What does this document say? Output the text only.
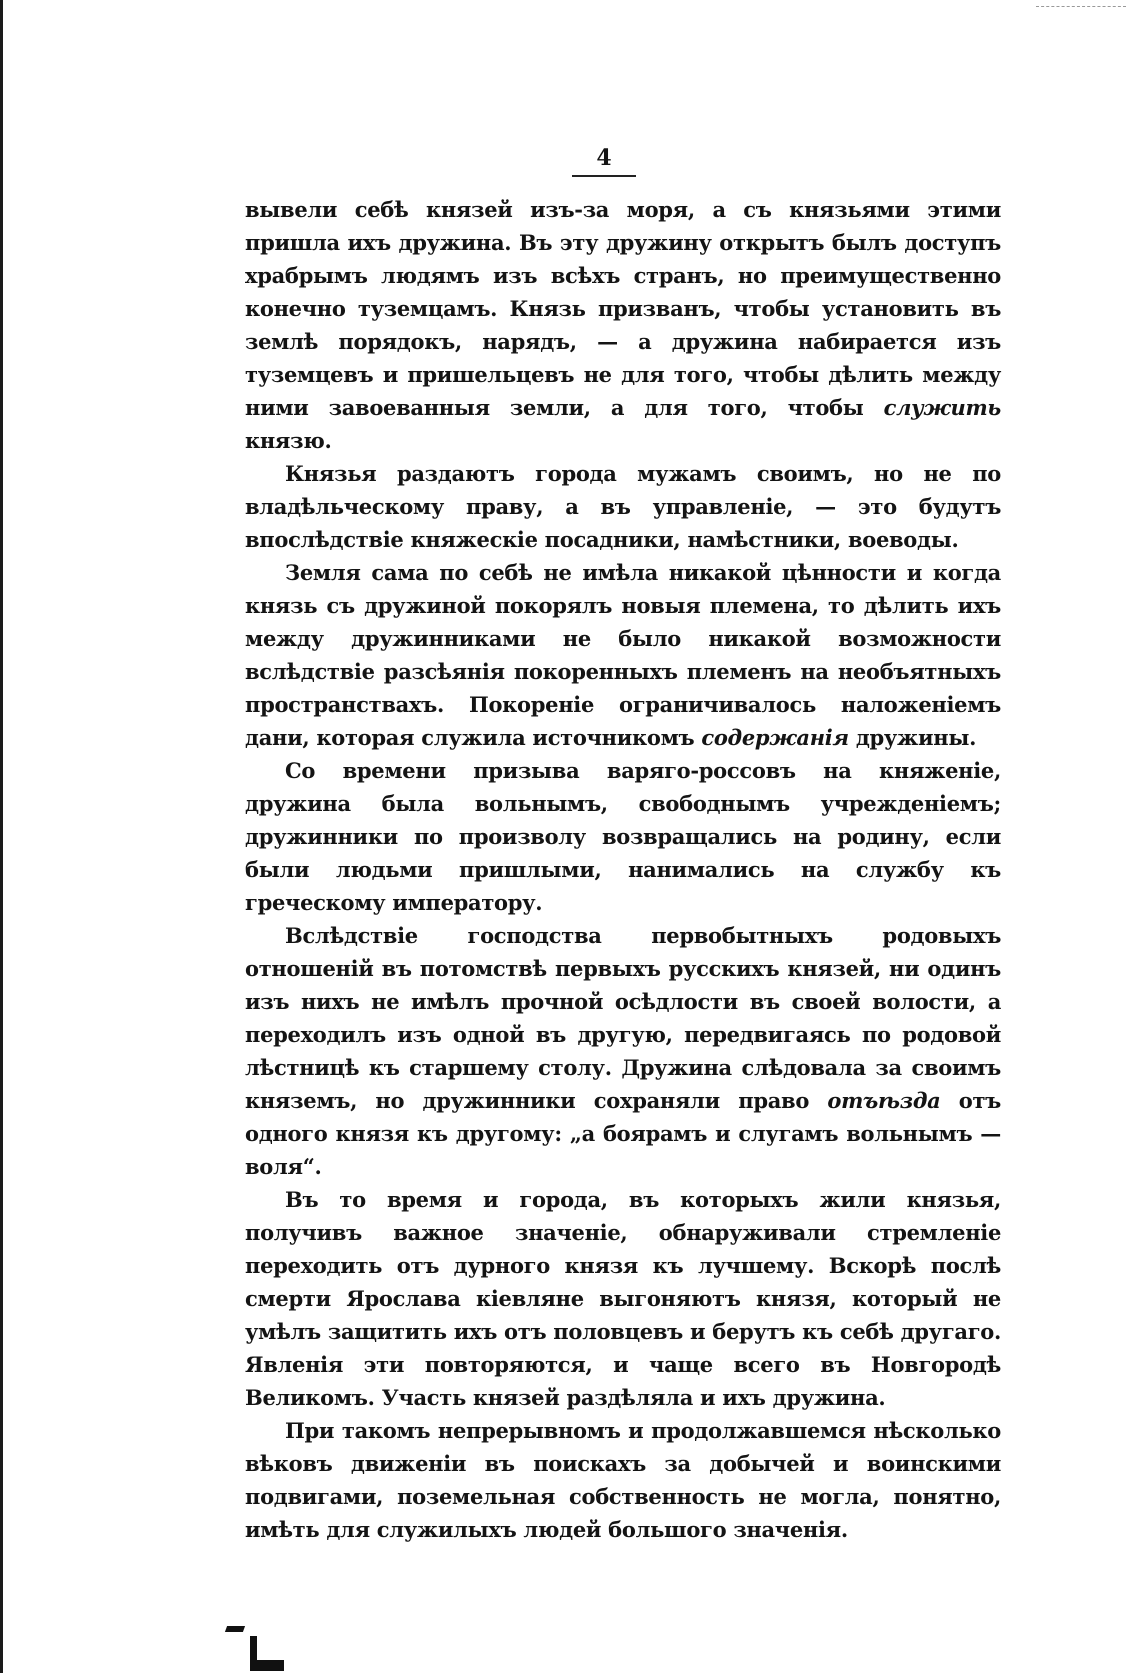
4

вывели себѣ князей изъ-за моря, а съ князьями этими пришла ихъ дружина. Въ эту дружину открытъ былъ доступъ храбрымъ людямъ изъ всѣхъ странъ, но преимущественно конечно туземцамъ. Князь призванъ, чтобы установить въ землѣ порядокъ, нарядъ, — а дружина набирается изъ туземцевъ и пришельцевъ не для того, чтобы дѣлить между ними завоеванныя земли, а для того, чтобы служить князю.

Князья раздаютъ города мужамъ своимъ, но не по владѣльческому праву, а въ управленіе, — это будутъ впослѣдствіе княжескіе посадники, намѣстники, воеводы.

Земля сама по себѣ не имѣла никакой цѣнности и когда князь съ дружиной покорялъ новыя племена, то дѣлить ихъ между дружинниками не было никакой возможности вслѣдствіе разсѣянія покоренныхъ племенъ на необъятныхъ пространствахъ. Покореніе ограничивалось наложеніемъ дани, которая служила источникомъ содержанія дружины.

Со времени призыва варяго-россовъ на княженіе, дружина была вольнымъ, свободнымъ учрежденіемъ; дружинники по произволу возвращались на родину, если были людьми пришлыми, нанимались на службу къ греческому императору.

Вслѣдствіе господства первобытныхъ родовыхъ отношеній въ потомствѣ первыхъ русскихъ князей, ни одинъ изъ нихъ не имѣлъ прочной осѣдлости въ своей волости, а переходилъ изъ одной въ другую, передвигаясь по родовой лѣстницѣ къ старшему столу. Дружина слѣдовала за своимъ княземъ, но дружинники сохраняли право отъѣзда отъ одного князя къ другому: „а боярамъ и слугамъ вольнымъ — воля“.

Въ то время и города, въ которыхъ жили князья, получивъ важное значеніе, обнаруживали стремленіе переходить отъ дурного князя къ лучшему. Вскорѣ послѣ смерти Ярослава кіевляне выгоняютъ князя, который не умѣлъ защитить ихъ отъ половцевъ и берутъ къ себѣ другаго. Явленія эти повторяются, и чаще всего въ Новгородѣ Великомъ. Участь князей раздѣляла и ихъ дружина.

При такомъ непрерывномъ и продолжавшемся нѣсколько вѣковъ движеніи въ поискахъ за добычей и воинскими подвигами, поземельная собственность не могла, понятно, имѣть для служилыхъ людей большого значенія.
